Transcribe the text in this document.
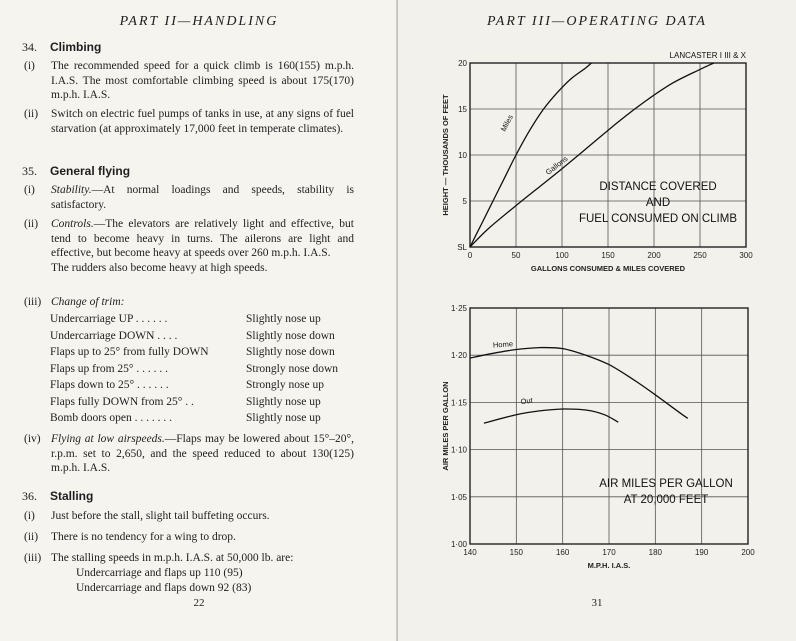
PART II—HANDLING
34. Climbing
(i)	The recommended speed for a quick climb is 160(155) m.p.h. I.A.S. The most comfortable climbing speed is about 175(170) m.p.h. I.A.S.
(ii)	Switch on electric fuel pumps of tanks in use, at any signs of fuel starvation (at approximately 17,000 feet in temperate climates).
35. General flying
(i)	Stability.—At normal loadings and speeds, stability is satisfactory.
(ii)	Controls.—The elevators are relatively light and effective, but tend to become heavy in turns. The ailerons are light and effective, but become heavy at speeds over 260 m.p.h. I.A.S.
The rudders also become heavy at high speeds.
(iii) Change of trim:
Undercarriage UP . . . . . .	Slightly nose up
Undercarriage DOWN . . . .	Slightly nose down
Flaps up to 25° from fully DOWN	Slightly nose down
Flaps up from 25° . . . . . .	Strongly nose down
Flaps down to 25° . . . . . .	Strongly nose up
Flaps fully DOWN from 25° . .	Slightly nose up
Bomb doors open . . . . . . .	Slightly nose up
(iv) Flying at low airspeeds.—Flaps may be lowered about 15°–20°, r.p.m. set to 2,650, and the speed reduced to about 130(125) m.p.h. I.A.S.
36. Stalling
(i)	Just before the stall, slight tail buffeting occurs.
(ii)	There is no tendency for a wing to drop.
(iii) The stalling speeds in m.p.h. I.A.S. at 50,000 lb. are:
Undercarriage and flaps up 110 (95)
Undercarriage and flaps down 92 (83)
22
PART III—OPERATING DATA
0	50	100	150	200	250	300
SL
5
10
15
20
GALLONS CONSUMED & MILES COVERED
HEIGHT — THOUSANDS OF FEET	Miles
Gallons
DISTANCE COVERED
AND
FUEL CONSUMED ON CLIMB
LANCASTER I III & X
140	150	160	170	180	190	200
1·00
1·05
1·10
1·15
1·20
1·25
M.P.H. I.A.S.
AIR MILES PER GALLON
Home
Out
AIR MILES PER GALLON
AT 20,000 FEET
31
